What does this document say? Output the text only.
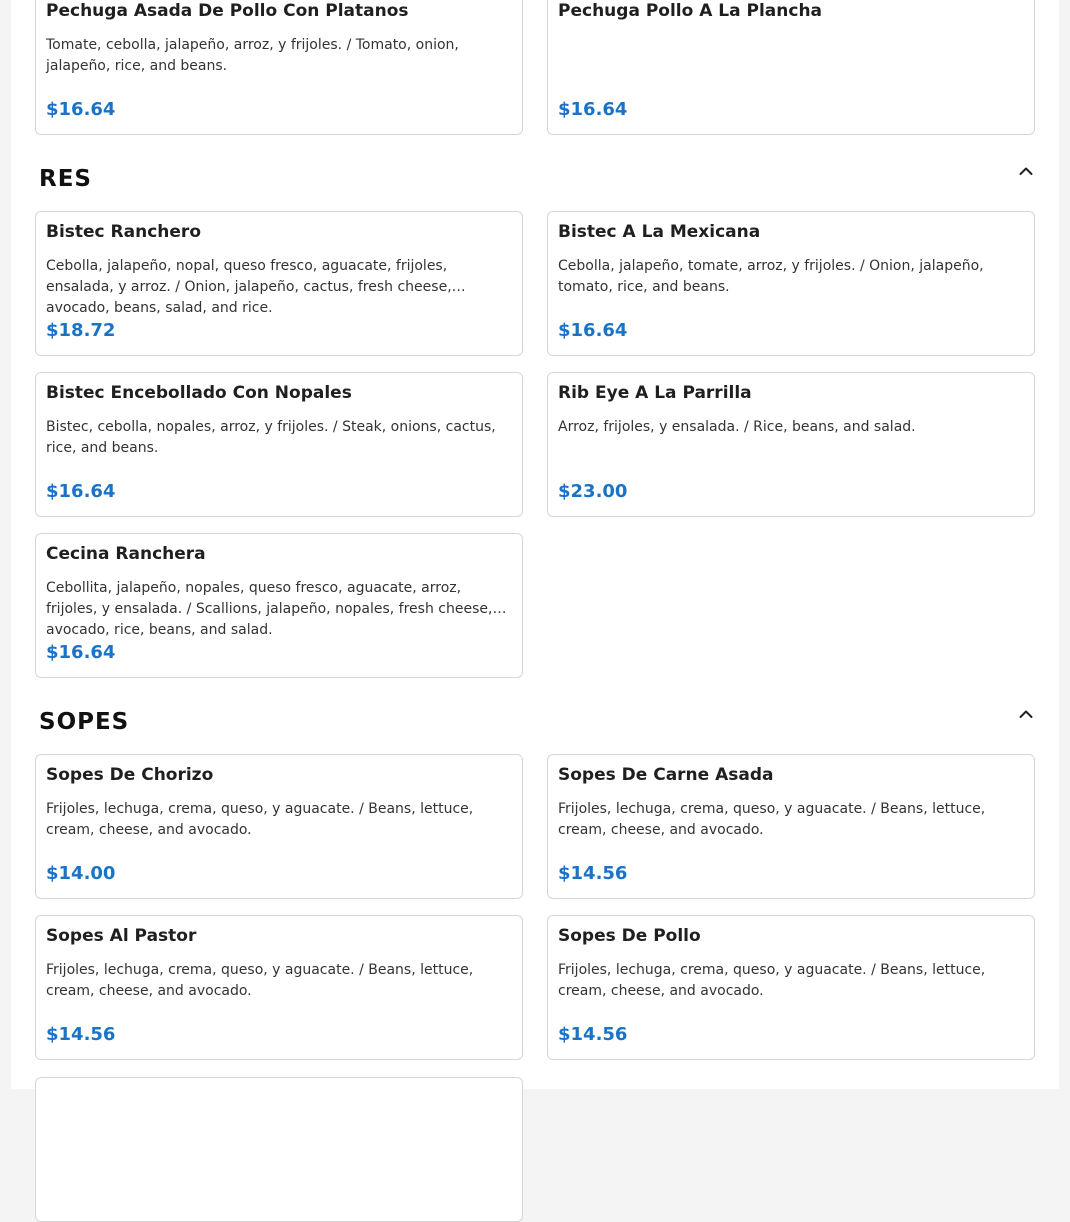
Pechuga Asada De Pollo Con Platanos
Tomate, cebolla, jalapeño, arroz, y frijoles. / Tomato, onion, jalapeño, rice, and beans.
$16.64
Pechuga Pollo A La Plancha
$16.64
RES
Bistec Ranchero
Cebolla, jalapeño, nopal, queso fresco, aguacate, frijoles, ensalada, y arroz. / Onion, jalapeño, cactus, fresh cheese, avocado, beans, salad, and rice.
$18.72
Bistec A La Mexicana
Cebolla, jalapeño, tomate, arroz, y frijoles. / Onion, jalapeño, tomato, rice, and beans.
$16.64
Bistec Encebollado Con Nopales
Bistec, cebolla, nopales, arroz, y frijoles. / Steak, onions, cactus, rice, and beans.
$16.64
Rib Eye A La Parrilla
Arroz, frijoles, y ensalada. / Rice, beans, and salad.
$23.00
Cecina Ranchera
Cebollita, jalapeño, nopales, queso fresco, aguacate, arroz, frijoles, y ensalada. / Scallions, jalapeño, nopales, fresh cheese, avocado, rice, beans, and salad.
$16.64
SOPES
Sopes De Chorizo
Frijoles, lechuga, crema, queso, y aguacate. / Beans, lettuce, cream, cheese, and avocado.
$14.00
Sopes De Carne Asada
Frijoles, lechuga, crema, queso, y aguacate. / Beans, lettuce, cream, cheese, and avocado.
$14.56
Sopes Al Pastor
Frijoles, lechuga, crema, queso, y aguacate. / Beans, lettuce, cream, cheese, and avocado.
$14.56
Sopes De Pollo
Frijoles, lechuga, crema, queso, y aguacate. / Beans, lettuce, cream, cheese, and avocado.
$14.56
